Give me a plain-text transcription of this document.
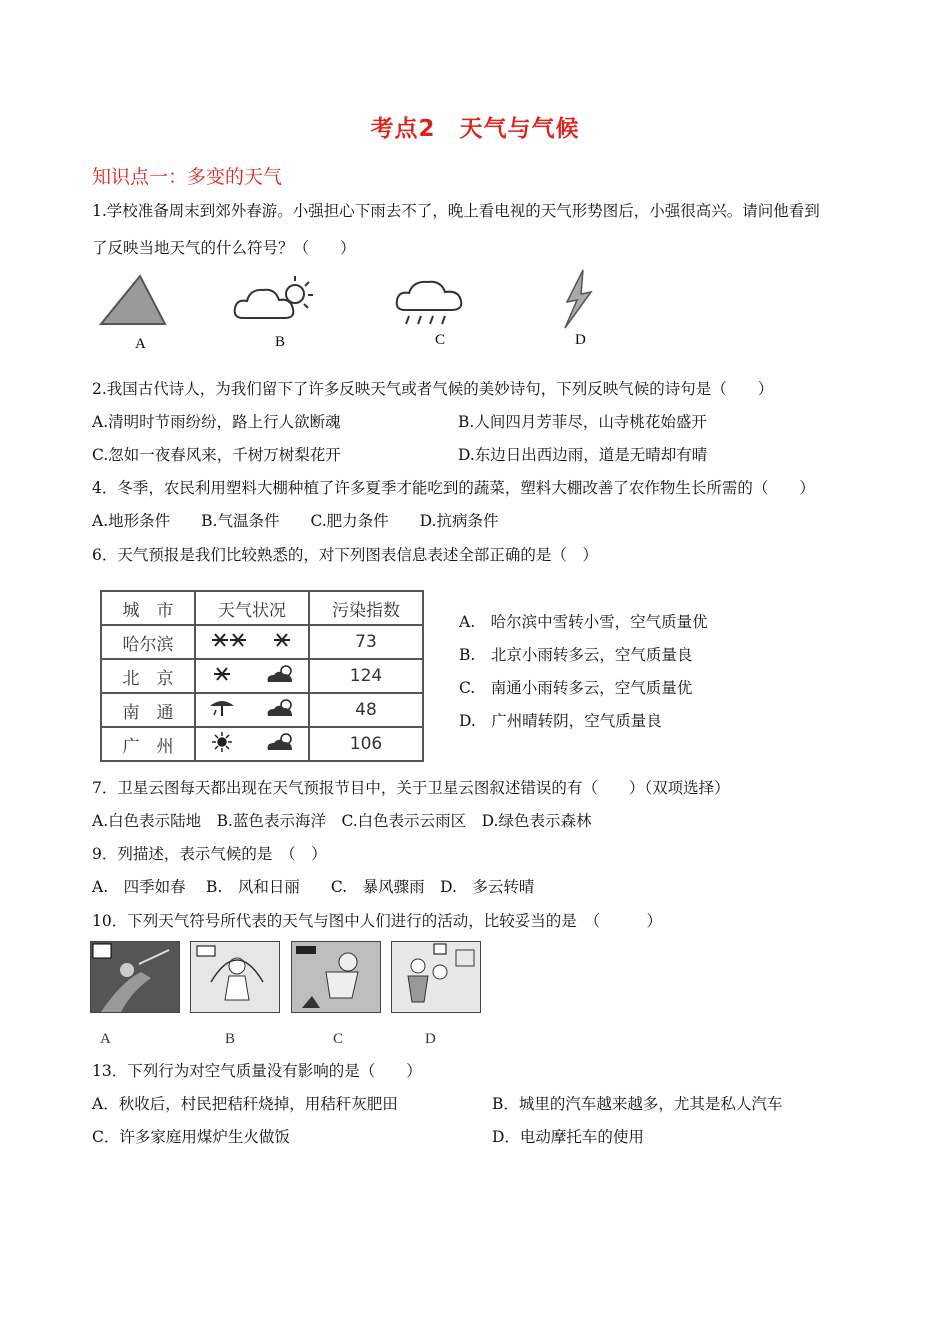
考点2　天气与气候
知识点一：多变的天气
1.学校准备周末到郊外春游。小强担心下雨去不了，晚上看电视的天气形势图后，小强很高兴。请问他看到
了反映当地天气的什么符号？（　　）
A	B	C	D
2.我国古代诗人，为我们留下了许多反映天气或者气候的美妙诗句，下列反映气候的诗句是（　　）
A.清明时节雨纷纷，路上行人欲断魂	B.人间四月芳菲尽，山寺桃花始盛开
C.忽如一夜春风来，千树万树梨花开	D.东边日出西边雨，道是无晴却有晴
4．冬季，农民利用塑料大棚种植了许多夏季才能吃到的蔬菜，塑料大棚改善了农作物生长所需的（　　）
A.地形条件　　B.气温条件　　C.肥力条件　　D.抗病条件
6．天气预报是我们比较熟悉的，对下列图表信息表述全部正确的是（　）
城　市	天气状况	污染指数
哈尔滨		73
北　京		124
南　通		48
广　州		106
A.　哈尔滨中雪转小雪，空气质量优
B.　北京小雨转多云，空气质量良
C.　南通小雨转多云，空气质量优
D.　广州晴转阴，空气质量良
7．卫星云图每天都出现在天气预报节目中，关于卫星云图叙述错误的有（　　）（双项选择）
A.白色表示陆地　B.蓝色表示海洋　C.白色表示云雨区　D.绿色表示森林
9．列描述，表示气候的是　（　）
A.　四季如春　 B.　风和日丽　　C.　暴风骤雨　D.　多云转晴
10．下列天气符号所代表的天气与图中人们进行的活动，比较妥当的是　（　　　）
A	B	C	D
13．下列行为对空气质量没有影响的是（　　）
A．秋收后，村民把秸秆烧掉，用秸秆灰肥田	B．城里的汽车越来越多，尤其是私人汽车
C．许多家庭用煤炉生火做饭	D．电动摩托车的使用
